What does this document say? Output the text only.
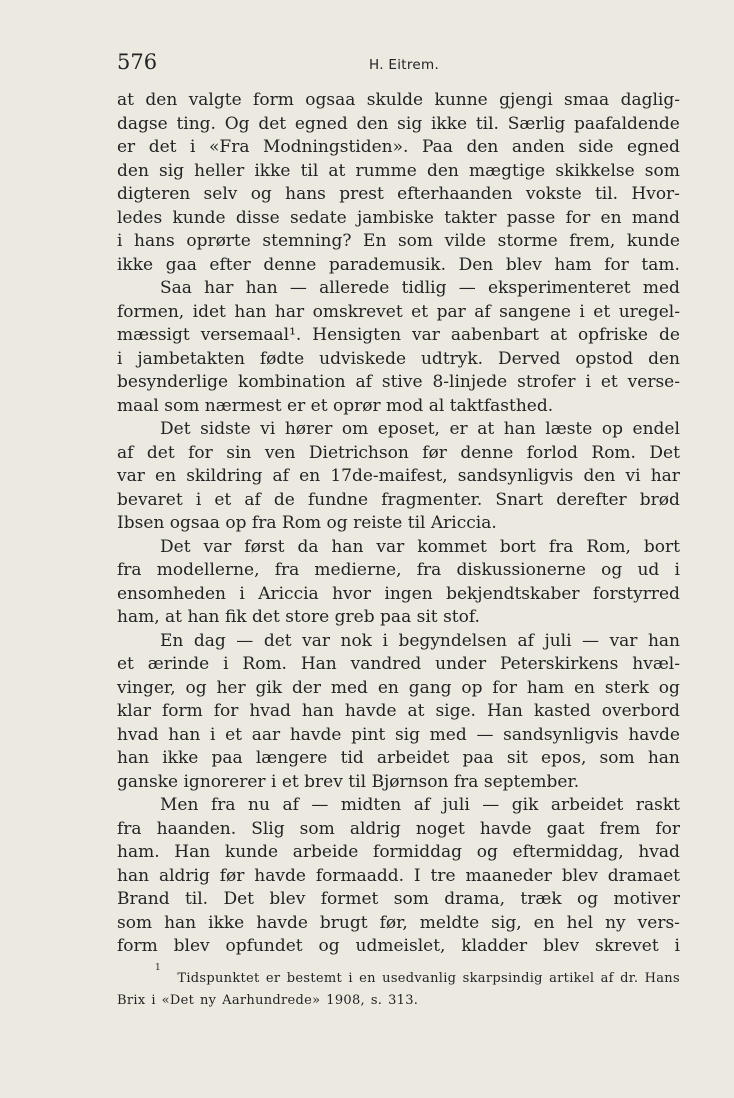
576	H. Eitrem.
at den valgte form ogsaa skulde kunne gjengi smaa daglig-
dagse ting. Og det egned den sig ikke til. Særlig paafaldende
er det i «Fra Modningstiden». Paa den anden side egned
den sig heller ikke til at rumme den mægtige skikkelse som
digteren selv og hans prest efterhaanden vokste til. Hvor-
ledes kunde disse sedate jambiske takter passe for en mand
i hans oprørte stemning? En som vilde storme frem, kunde
ikke gaa efter denne parademusik. Den blev ham for tam.
Saa har han — allerede tidlig — eksperimenteret med
formen, idet han har omskrevet et par af sangene i et uregel-
mæssigt versemaal¹. Hensigten var aabenbart at opfriske de
i jambetakten fødte udviskede udtryk. Derved opstod den
besynderlige kombination af stive 8-linjede strofer i et verse-
maal som nærmest er et oprør mod al taktfasthed.
Det sidste vi hører om eposet, er at han læste op endel
af det for sin ven Dietrichson før denne forlod Rom. Det
var en skildring af en 17de-maifest, sandsynligvis den vi har
bevaret i et af de fundne fragmenter. Snart derefter brød
Ibsen ogsaa op fra Rom og reiste til Ariccia.
Det var først da han var kommet bort fra Rom, bort
fra modellerne, fra medierne, fra diskussionerne og ud i
ensomheden i Ariccia hvor ingen bekjendtskaber forstyrred
ham, at han fik det store greb paa sit stof.
En dag — det var nok i begyndelsen af juli — var han
et ærinde i Rom. Han vandred under Peterskirkens hvæl-
vinger, og her gik der med en gang op for ham en sterk og
klar form for hvad han havde at sige. Han kasted overbord
hvad han i et aar havde pint sig med — sandsynligvis havde
han ikke paa længere tid arbeidet paa sit epos, som han
ganske ignorerer i et brev til Bjørnson fra september.
Men fra nu af — midten af juli — gik arbeidet raskt
fra haanden. Slig som aldrig noget havde gaat frem for
ham. Han kunde arbeide formiddag og eftermiddag, hvad
han aldrig før havde formaadd. I tre maaneder blev dramaet
Brand til. Det blev formet som drama, træk og motiver
som han ikke havde brugt før, meldte sig, en hel ny vers-
form blev opfundet og udmeislet, kladder blev skrevet i
1
Tidspunktet er bestemt i en usedvanlig skarpsindig artikel af dr. Hans
Brix i «Det ny Aarhundrede» 1908, s. 313.
